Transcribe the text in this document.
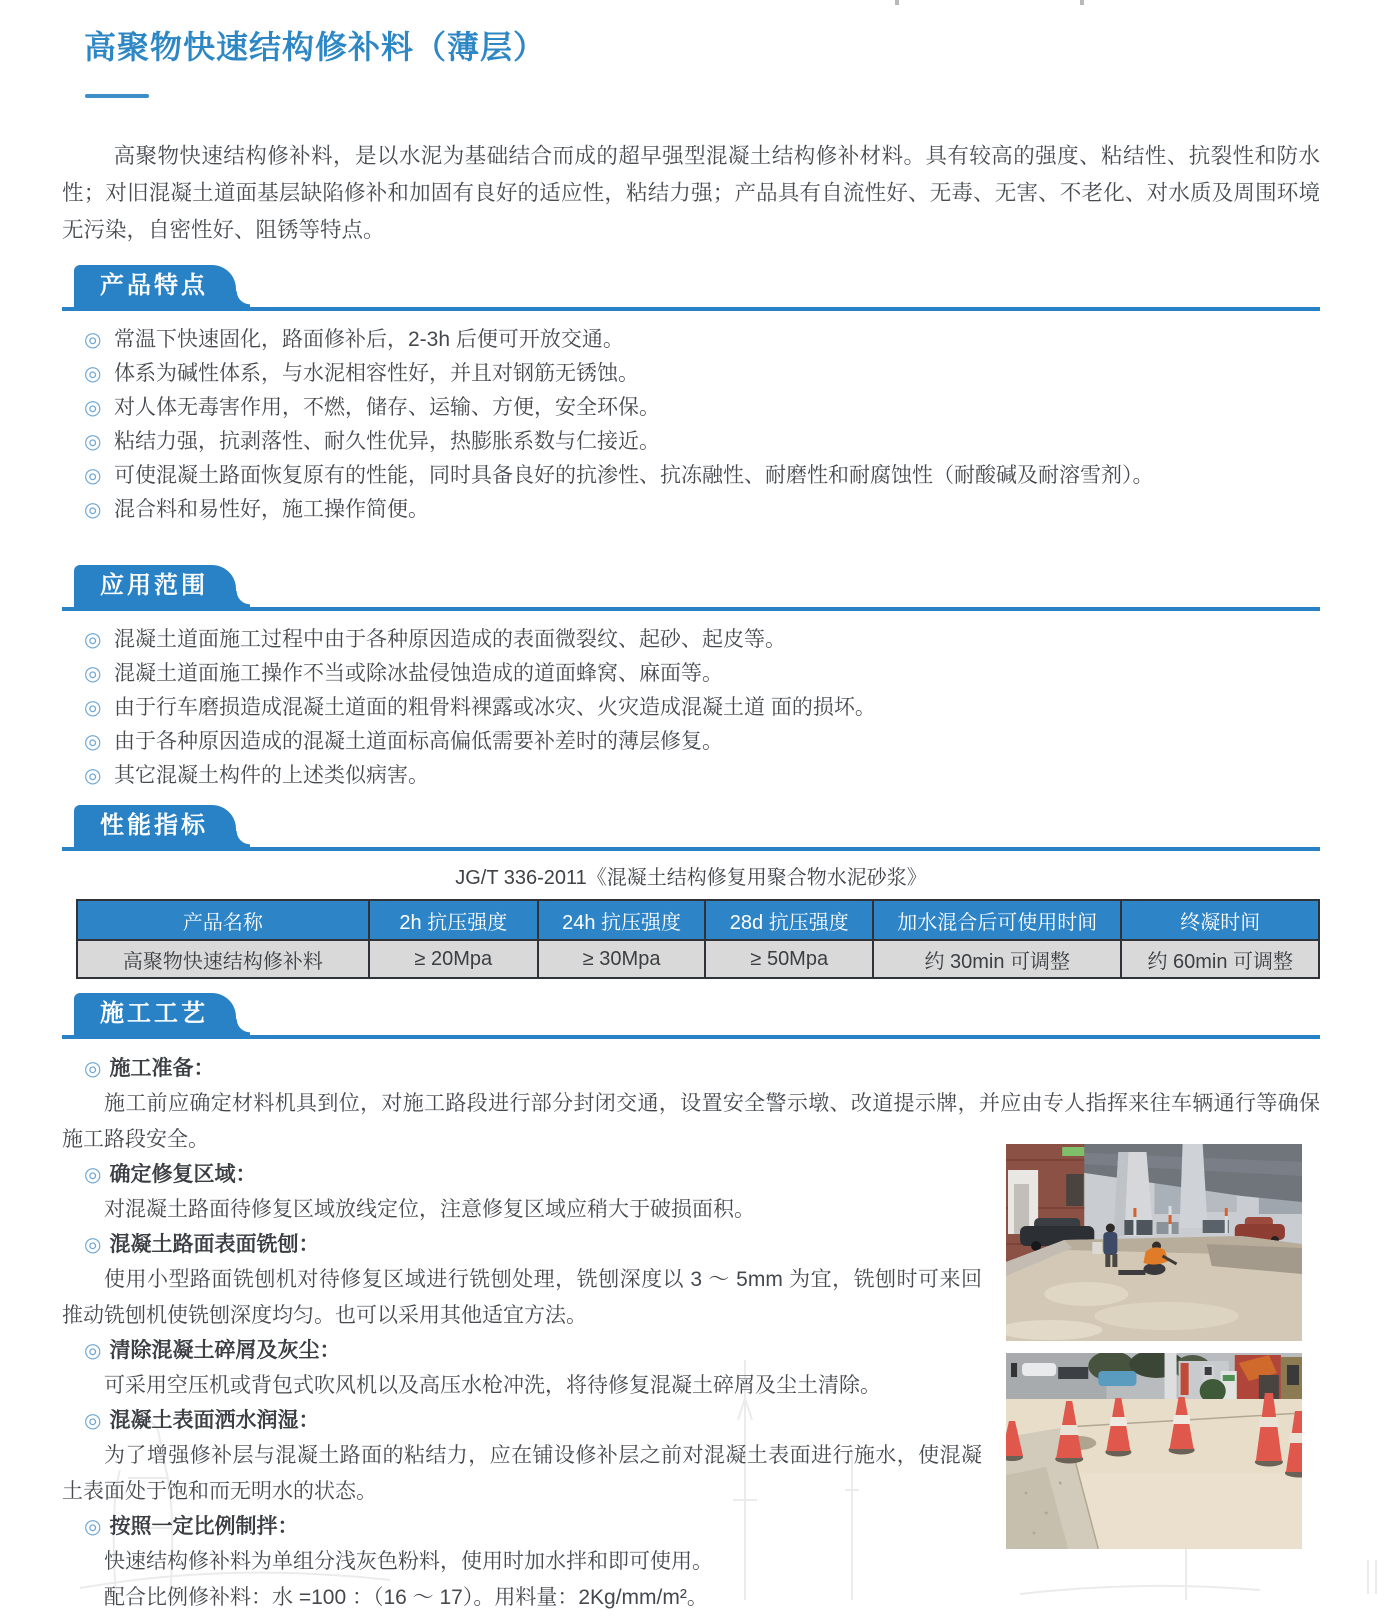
高聚物快速结构修补料（薄层）

高聚物快速结构修补料，是以水泥为基础结合而成的超早强型混凝土结构修补材料。具有较高的强度、粘结性、抗裂性和防水性；对旧混凝土道面基层缺陷修补和加固有良好的适应性，粘结力强；产品具有自流性好、无毒、无害、不老化、对水质及周围环境无污染，自密性好、阻锈等特点。

产品特点
◎ 常温下快速固化，路面修补后，2-3h 后便可开放交通。
◎ 体系为碱性体系，与水泥相容性好，并且对钢筋无锈蚀。
◎ 对人体无毒害作用，不燃，储存、运输、方便，安全环保。
◎ 粘结力强，抗剥落性、耐久性优异，热膨胀系数与仁接近。
◎ 可使混凝土路面恢复原有的性能，同时具备良好的抗渗性、抗冻融性、耐磨性和耐腐蚀性（耐酸碱及耐溶雪剂）。
◎ 混合料和易性好，施工操作简便。
应用范围
◎ 混凝土道面施工过程中由于各种原因造成的表面微裂纹、起砂、起皮等。
◎ 混凝土道面施工操作不当或除冰盐侵蚀造成的道面蜂窝、麻面等。
◎ 由于行车磨损造成混凝土道面的粗骨料裸露或冰灾、火灾造成混凝土道 面的损坏。
◎ 由于各种原因造成的混凝土道面标高偏低需要补差时的薄层修复。
◎ 其它混凝土构件的上述类似病害。
性能指标

JG/T 336-2011《混凝土结构修复用聚合物水泥砂浆》

产品名称	2h 抗压强度	24h 抗压强度	28d 抗压强度	加水混合后可使用时间	终凝时间
高聚物快速结构修补料	≥ 20Mpa	≥ 30Mpa	≥ 50Mpa	约 30min 可调整	约 60min 可调整
施工工艺
◎ 施工准备：

施工前应确定材料机具到位，对施工路段进行部分封闭交通，设置安全警示墩、改道提示牌，并应由专人指挥来往车辆通行等确保施工路段安全。

◎ 确定修复区域：

对混凝土路面待修复区域放线定位，注意修复区域应稍大于破损面积。

◎ 混凝土路面表面铣刨：

使用小型路面铣刨机对待修复区域进行铣刨处理，铣刨深度以 3 ～ 5mm 为宜，铣刨时可来回推动铣刨机使铣刨深度均匀。也可以采用其他适宜方法。

◎ 清除混凝土碎屑及灰尘：

可采用空压机或背包式吹风机以及高压水枪冲洗，将待修复混凝土碎屑及尘土清除。

◎ 混凝土表面洒水润湿：

为了增强修补层与混凝土路面的粘结力，应在铺设修补层之前对混凝土表面进行施水，使混凝土表面处于饱和而无明水的状态。

◎ 按照一定比例制拌：

快速结构修补料为单组分浅灰色粉料，使用时加水拌和即可使用。

配合比例修补料：水 =100 ：（16 ～ 17）。用料量：2Kg/mm/m²。
